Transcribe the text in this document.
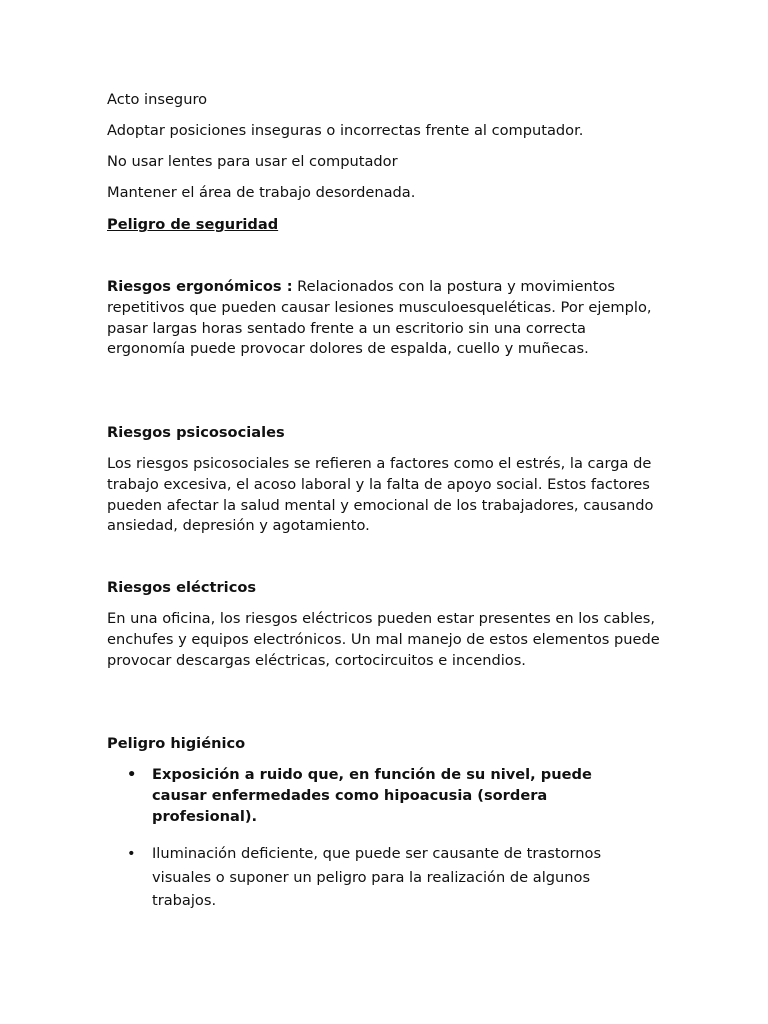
Acto inseguro
Adoptar posiciones inseguras o incorrectas frente al computador.
No usar lentes para usar el computador
Mantener el área de trabajo desordenada.
Peligro de seguridad
Riesgos ergonómicos : Relacionados con la postura y movimientos repetitivos que pueden causar lesiones musculoesqueléticas. Por ejemplo, pasar largas horas sentado frente a un escritorio sin una correcta ergonomía puede provocar dolores de espalda, cuello y muñecas.
Riesgos psicosociales
Los riesgos psicosociales se refieren a factores como el estrés, la carga de trabajo excesiva, el acoso laboral y la falta de apoyo social. Estos factores pueden afectar la salud mental y emocional de los trabajadores, causando ansiedad, depresión y agotamiento.
Riesgos eléctricos
En una oficina, los riesgos eléctricos pueden estar presentes en los cables, enchufes y equipos electrónicos. Un mal manejo de estos elementos puede provocar descargas eléctricas, cortocircuitos e incendios.
Peligro higiénico
• Exposición a ruido que, en función de su nivel, puede causar enfermedades como hipoacusia (sordera profesional).
• Iluminación deficiente, que puede ser causante de trastornos visuales o suponer un peligro para la realización de algunos trabajos.
